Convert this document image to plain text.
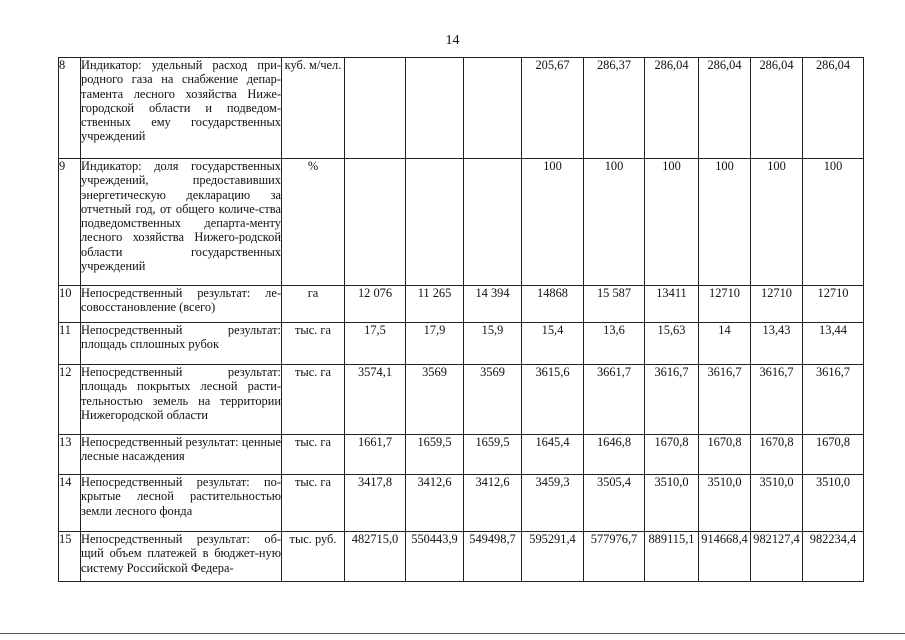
14
8	Индикатор: удельный расход при-родного газа на снабжение депар-тамента лесного хозяйства Ниже-городской области и подведом-ственных ему государственных учреждений	куб. м/чел.				205,67	286,37	286,04	286,04	286,04	286,04
9	Индикатор: доля государственных учреждений, предоставивших энергетическую декларацию за отчетный год, от общего количе-ства подведомственных департа-менту лесного хозяйства Нижего-родской области государственных учреждений	%				100	100	100	100	100	100
10	Непосредственный результат: ле-совосстановление (всего)	га	12 076	11 265	14 394	14868	15 587	13411	12710	12710	12710
11	Непосредственный результат: площадь сплошных рубок	тыс. га	17,5	17,9	15,9	15,4	13,6	15,63	14	13,43	13,44
12	Непосредственный результат: площадь покрытых лесной расти-тельностью земель на территории Нижегородской области	тыс. га	3574,1	3569	3569	3615,6	3661,7	3616,7	3616,7	3616,7	3616,7
13	Непосредственный результат: ценные лесные насаждения	тыс. га	1661,7	1659,5	1659,5	1645,4	1646,8	1670,8	1670,8	1670,8	1670,8
14	Непосредственный результат: по-крытые лесной растительностью земли лесного фонда	тыс. га	3417,8	3412,6	3412,6	3459,3	3505,4	3510,0	3510,0	3510,0	3510,0
15	Непосредственный результат: об-щий объем платежей в бюджет-ную систему Российской Федера-	тыс. руб.	482715,0	550443,9	549498,7	595291,4	577976,7	889115,1	914668,4	982127,4	982234,4
